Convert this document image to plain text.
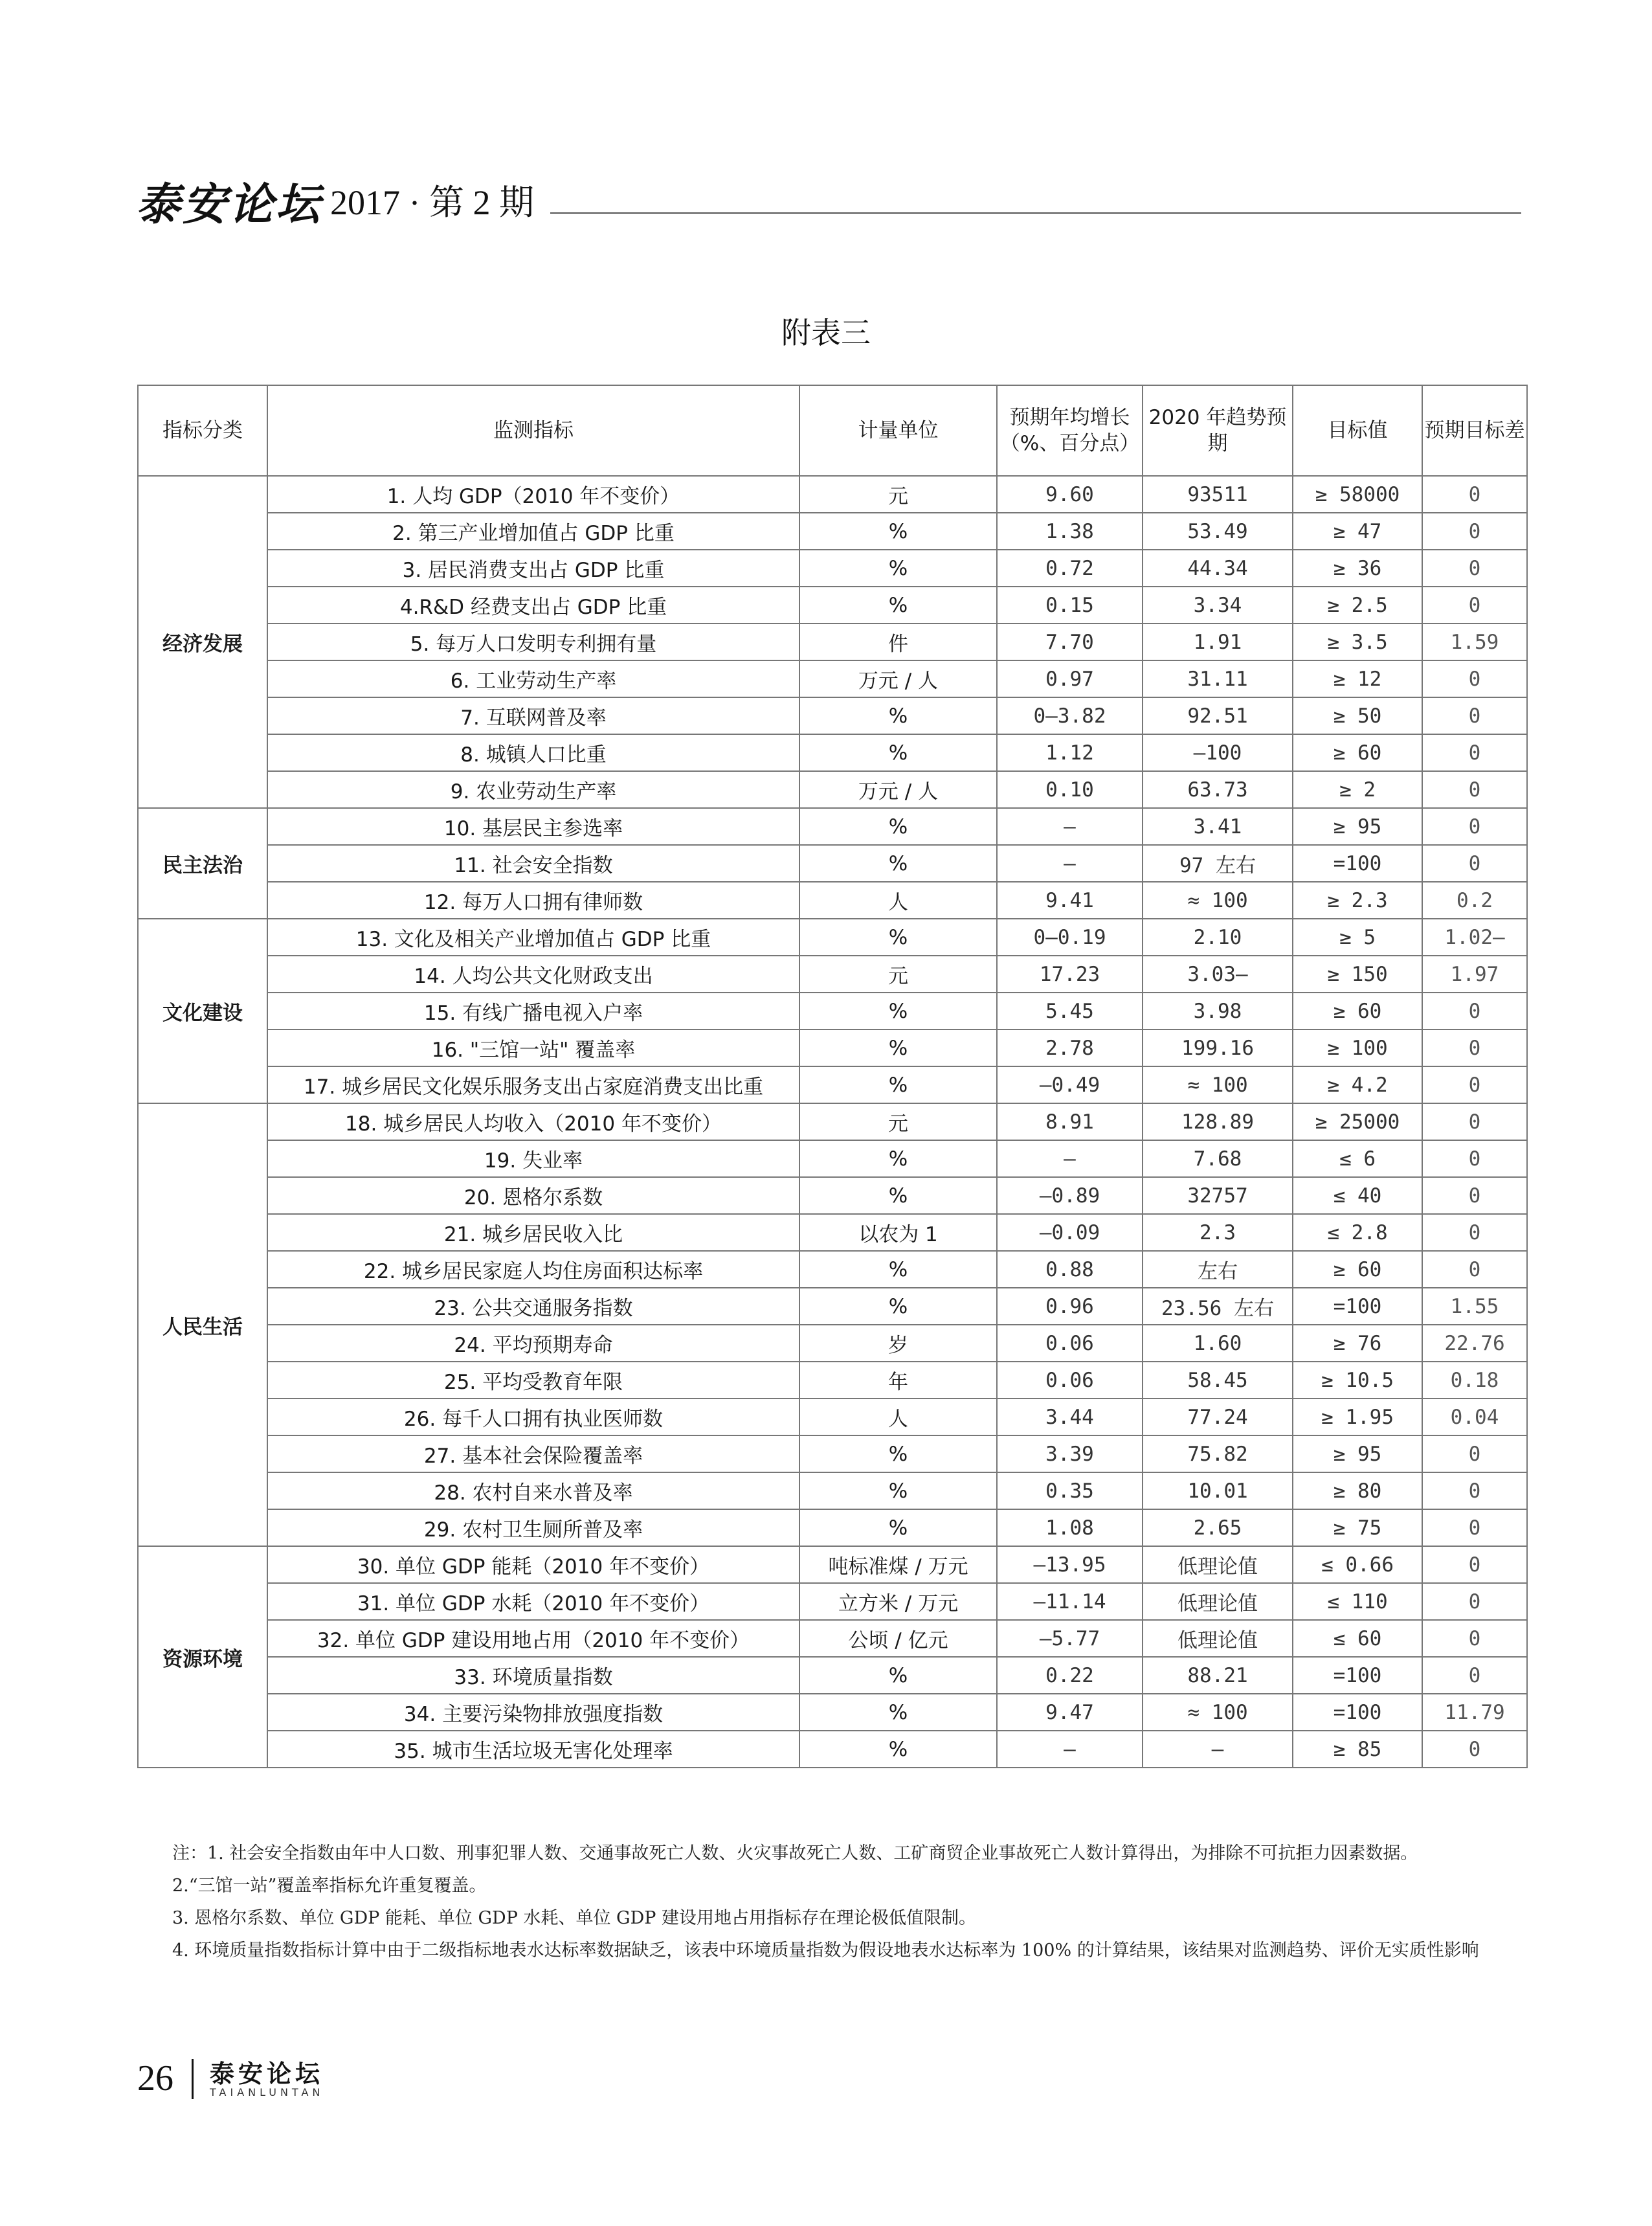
泰安论坛 2017 · 第 2 期
附表三
指标分类	监测指标	计量单位	预期年均增长（%、百分点）	2020 年趋势预期	目标值	预期目标差
经济发展	1. 人均 GDP（2010 年不变价）	元	9.60	93511	≥ 58000	0
	2. 第三产业增加值占 GDP 比重	%	1.38	53.49	≥ 47	0
	3. 居民消费支出占 GDP 比重	%	0.72	44.34	≥ 36	0
	4.R&D 经费支出占 GDP 比重	%	0.15	3.34	≥ 2.5	0
	5. 每万人口发明专利拥有量	件	7.70	1.91	≥ 3.5	1.59
	6. 工业劳动生产率	万元 / 人	0.97	31.11	≥ 12	0
	7. 互联网普及率	%	0—3.82	92.51	≥ 50	0
	8. 城镇人口比重	%	1.12	—100	≥ 60	0
	9. 农业劳动生产率	万元 / 人	0.10	63.73	≥ 2	0
民主法治	10. 基层民主参选率	%	—	3.41	≥ 95	0
	11. 社会安全指数	%	—	97 左右	=100	0
	12. 每万人口拥有律师数	人	9.41	≈ 100	≥ 2.3	0.2
文化建设	13. 文化及相关产业增加值占 GDP 比重	%	0—0.19	2.10	≥ 5	1.02—
	14. 人均公共文化财政支出	元	17.23	3.03—	≥ 150	1.97
	15. 有线广播电视入户率	%	5.45	3.98	≥ 60	0
	16. "三馆一站" 覆盖率	%	2.78	199.16	≥ 100	0
	17. 城乡居民文化娱乐服务支出占家庭消费支出比重	%	—0.49	≈ 100	≥ 4.2	0
人民生活	18. 城乡居民人均收入（2010 年不变价）	元	8.91	128.89	≥ 25000	0
	19. 失业率	%	—	7.68	≤ 6	0
	20. 恩格尔系数	%	—0.89	32757	≤ 40	0
	21. 城乡居民收入比	以农为 1	—0.09	2.3	≤ 2.8	0
	22. 城乡居民家庭人均住房面积达标率	%	0.88	左右	≥ 60	0
	23. 公共交通服务指数	%	0.96	23.56 左右	=100	1.55
	24. 平均预期寿命	岁	0.06	1.60	≥ 76	22.76
	25. 平均受教育年限	年	0.06	58.45	≥ 10.5	0.18
	26. 每千人口拥有执业医师数	人	3.44	77.24	≥ 1.95	0.04
	27. 基本社会保险覆盖率	%	3.39	75.82	≥ 95	0
	28. 农村自来水普及率	%	0.35	10.01	≥ 80	0
	29. 农村卫生厕所普及率	%	1.08	2.65	≥ 75	0
资源环境	30. 单位 GDP 能耗（2010 年不变价）	吨标准煤 / 万元	—13.95	低理论值	≤ 0.66	0
	31. 单位 GDP 水耗（2010 年不变价）	立方米 / 万元	—11.14	低理论值	≤ 110	0
	32. 单位 GDP 建设用地占用（2010 年不变价）	公顷 / 亿元	—5.77	低理论值	≤ 60	0
	33. 环境质量指数	%	0.22	88.21	=100	0
	34. 主要污染物排放强度指数	%	9.47	≈ 100	=100	11.79
	35. 城市生活垃圾无害化处理率	%	—	—	≥ 85	0

注：1. 社会安全指数由年中人口数、刑事犯罪人数、交通事故死亡人数、火灾事故死亡人数、工矿商贸企业事故死亡人数计算得出，为排除不可抗拒力因素数据。

2.“三馆一站”覆盖率指标允许重复覆盖。

3. 恩格尔系数、单位 GDP 能耗、单位 GDP 水耗、单位 GDP 建设用地占用指标存在理论极低值限制。

4. 环境质量指数指标计算中由于二级指标地表水达标率数据缺乏，该表中环境质量指数为假设地表水达标率为 100% 的计算结果，该结果对监测趋势、评价无实质性影响

26 泰安论坛
TAIANLUNTAN
